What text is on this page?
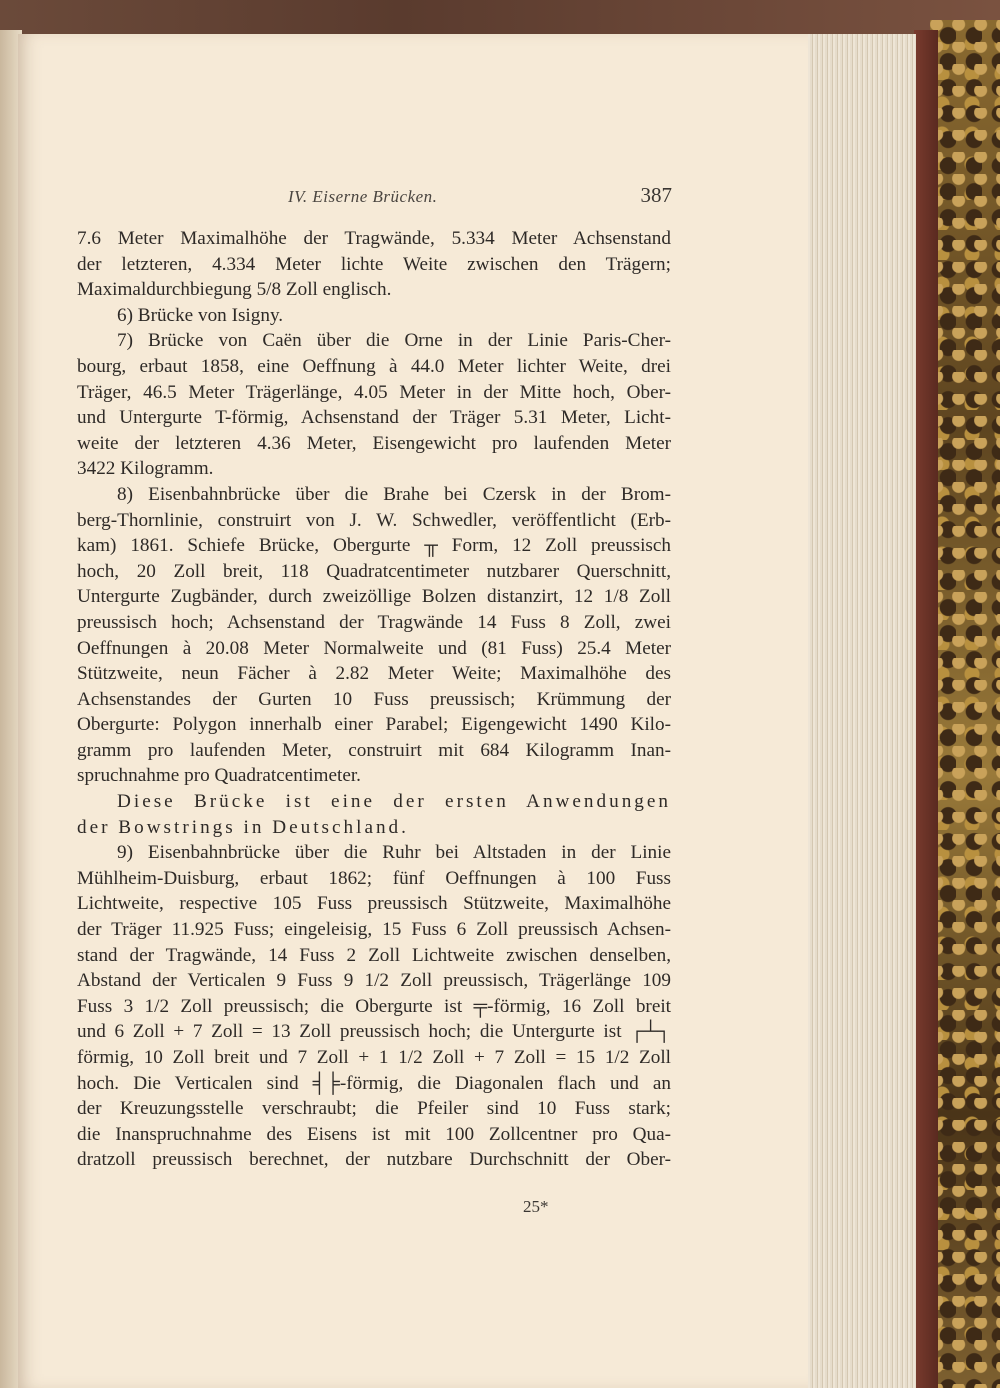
IV. Eiserne Brücken.	387
7.6 Meter Maximalhöhe der Tragwände, 5.334 Meter Achsenstand
der letzteren, 4.334 Meter lichte Weite zwischen den Trägern;
Maximaldurchbiegung 5/8 Zoll englisch.
6) Brücke von Isigny.
7) Brücke von Caën über die Orne in der Linie Paris-Cher-
bourg, erbaut 1858, eine Oeffnung à 44.0 Meter lichter Weite, drei
Träger, 46.5 Meter Trägerlänge, 4.05 Meter in der Mitte hoch, Ober-
und Untergurte T-förmig, Achsenstand der Träger 5.31 Meter, Licht-
weite der letzteren 4.36 Meter, Eisengewicht pro laufenden Meter
3422 Kilogramm.
8) Eisenbahnbrücke über die Brahe bei Czersk in der Brom-
berg-Thornlinie, construirt von J. W. Schwedler, veröffentlicht (Erb-
kam) 1861. Schiefe Brücke, Obergurte ╥ Form, 12 Zoll preussisch
hoch, 20 Zoll breit, 118 Quadratcentimeter nutzbarer Querschnitt,
Untergurte Zugbänder, durch zweizöllige Bolzen distanzirt, 12 1/8 Zoll
preussisch hoch; Achsenstand der Tragwände 14 Fuss 8 Zoll, zwei
Oeffnungen à 20.08 Meter Normalweite und (81 Fuss) 25.4 Meter
Stützweite, neun Fächer à 2.82 Meter Weite; Maximalhöhe des
Achsenstandes der Gurten 10 Fuss preussisch; Krümmung der
Obergurte: Polygon innerhalb einer Parabel; Eigengewicht 1490 Kilo-
gramm pro laufenden Meter, construirt mit 684 Kilogramm Inan-
spruchnahme pro Quadratcentimeter.
Diese Brücke ist eine der ersten Anwendungen
der Bowstrings in Deutschland.
9) Eisenbahnbrücke über die Ruhr bei Altstaden in der Linie
Mühlheim-Duisburg, erbaut 1862; fünf Oeffnungen à 100 Fuss
Lichtweite, respective 105 Fuss preussisch Stützweite, Maximalhöhe
der Träger 11.925 Fuss; eingeleisig, 15 Fuss 6 Zoll preussisch Achsen-
stand der Tragwände, 14 Fuss 2 Zoll Lichtweite zwischen denselben,
Abstand der Verticalen 9 Fuss 9 1/2 Zoll preussisch, Trägerlänge 109
Fuss 3 1/2 Zoll preussisch; die Obergurte ist ╤-förmig, 16 Zoll breit
und 6 Zoll + 7 Zoll = 13 Zoll preussisch hoch; die Untergurte ist ┌┴┐
förmig, 10 Zoll breit und 7 Zoll + 1 1/2 Zoll + 7 Zoll = 15 1/2 Zoll
hoch. Die Verticalen sind ╡╞-förmig, die Diagonalen flach und an
der Kreuzungsstelle verschraubt; die Pfeiler sind 10 Fuss stark;
die Inanspruchnahme des Eisens ist mit 100 Zollcentner pro Qua-
dratzoll preussisch berechnet, der nutzbare Durchschnitt der Ober-
25*
